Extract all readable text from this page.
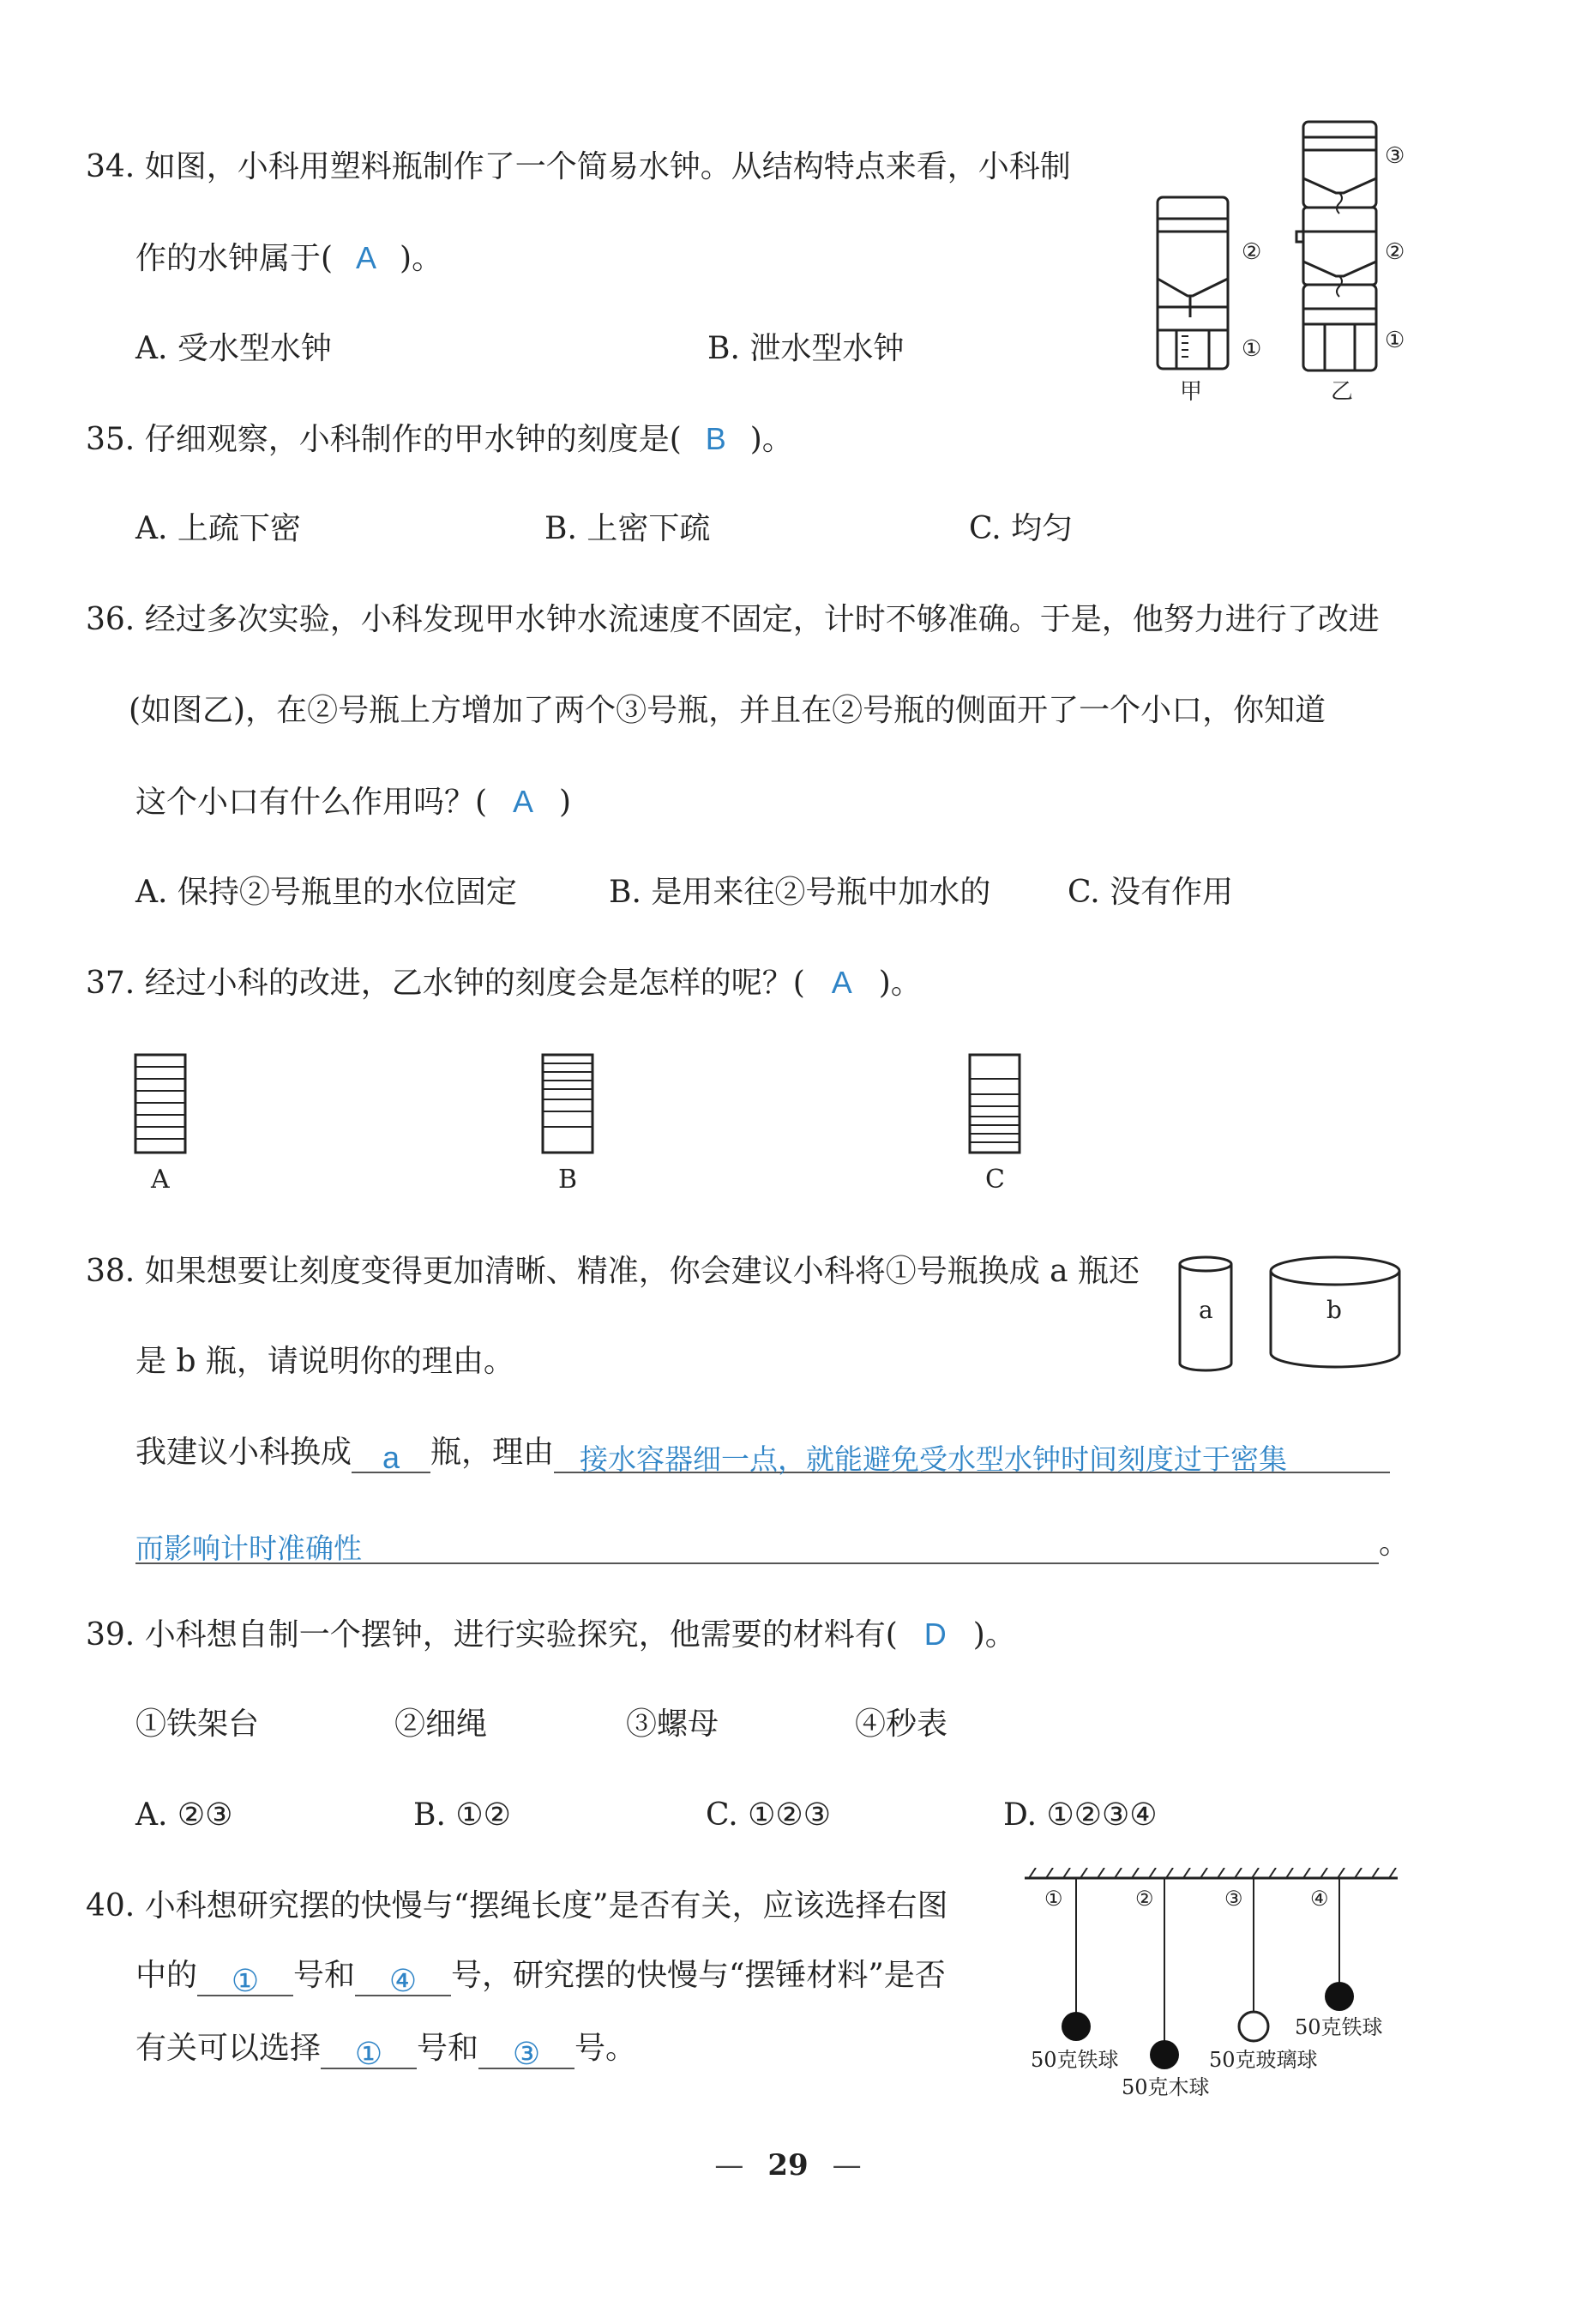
34. 如图，小科用塑料瓶制作了一个简易水钟。从结构特点来看，小科制
作的水钟属于( A )。
A. 受水型水钟	B. 泄水型水钟
②
①
甲
③
②
①
乙
35. 仔细观察，小科制作的甲水钟的刻度是( B )。
A. 上疏下密	B. 上密下疏	C. 均匀
36. 经过多次实验，小科发现甲水钟水流速度不固定，计时不够准确。于是，他努力进行了改进
(如图乙)，在②号瓶上方增加了两个③号瓶，并且在②号瓶的侧面开了一个小口，你知道
这个小口有什么作用吗？( A )
A. 保持②号瓶里的水位固定	B. 是用来往②号瓶中加水的 C. 没有作用
37. 经过小科的改进，乙水钟的刻度会是怎样的呢？( A )。
A	B	C
38. 如果想要让刻度变得更加清晰、精准，你会建议小科将①号瓶换成 a 瓶还
是 b 瓶，请说明你的理由。
我建议小科换成 a 瓶，理由 接水容器细一点，就能避免受水型水钟时间刻度过于密集
而影响计时准确性	。
a	b
39. 小科想自制一个摆钟，进行实验探究，他需要的材料有( D )。
①铁架台	②细绳	③螺母	④秒表
A. ②③	B. ①②	C. ①②③	D. ①②③④
40. 小科想研究摆的快慢与“摆绳长度”是否有关，应该选择右图
中的 ① 号和 ④ 号，研究摆的快慢与“摆锤材料”是否
有关可以选择 ① 号和 ③ 号。
①
50克铁球
②
50克木球
③
50克玻璃球
④
50克铁球
— 29 —
